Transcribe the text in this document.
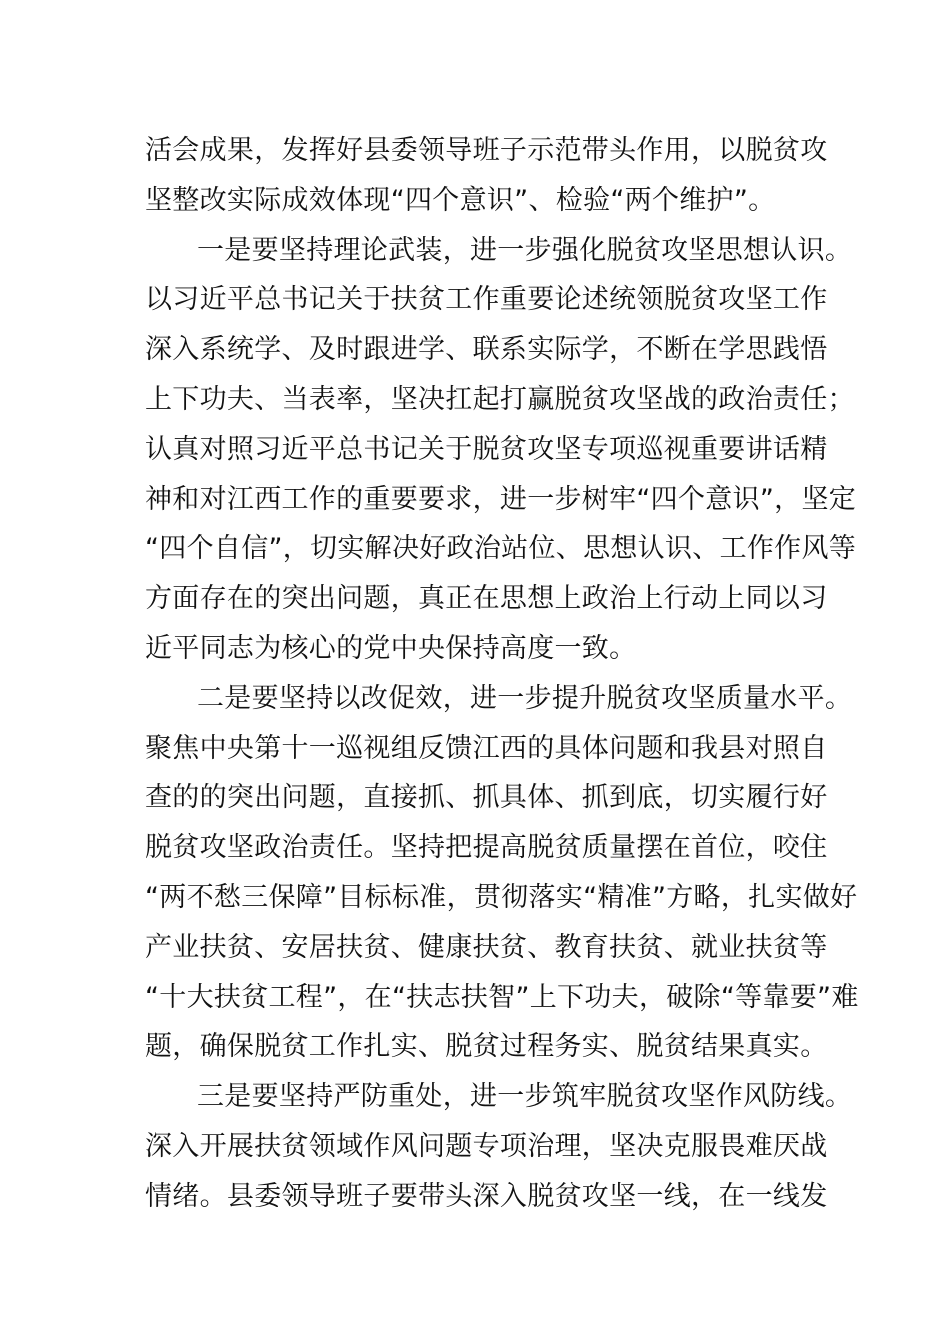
活会成果，发挥好县委领导班子示范带头作用，以脱贫攻
坚整改实际成效体现“四个意识”、检验“两个维护”。
一是要坚持理论武装，进一步强化脱贫攻坚思想认识。
以习近平总书记关于扶贫工作重要论述统领脱贫攻坚工作
深入系统学、及时跟进学、联系实际学，不断在学思践悟
上下功夫、当表率，坚决扛起打赢脱贫攻坚战的政治责任；
认真对照习近平总书记关于脱贫攻坚专项巡视重要讲话精
神和对江西工作的重要要求，进一步树牢“四个意识”，坚定
“四个自信”，切实解决好政治站位、思想认识、工作作风等
方面存在的突出问题，真正在思想上政治上行动上同以习
近平同志为核心的党中央保持高度一致。
二是要坚持以改促效，进一步提升脱贫攻坚质量水平。
聚焦中央第十一巡视组反馈江西的具体问题和我县对照自
查的的突出问题，直接抓、抓具体、抓到底，切实履行好
脱贫攻坚政治责任。坚持把提高脱贫质量摆在首位，咬住
“两不愁三保障”目标标准，贯彻落实“精准”方略，扎实做好
产业扶贫、安居扶贫、健康扶贫、教育扶贫、就业扶贫等
“十大扶贫工程”，在“扶志扶智”上下功夫，破除“等靠要”难
题，确保脱贫工作扎实、脱贫过程务实、脱贫结果真实。
三是要坚持严防重处，进一步筑牢脱贫攻坚作风防线。
深入开展扶贫领域作风问题专项治理，坚决克服畏难厌战
情绪。县委领导班子要带头深入脱贫攻坚一线，在一线发
